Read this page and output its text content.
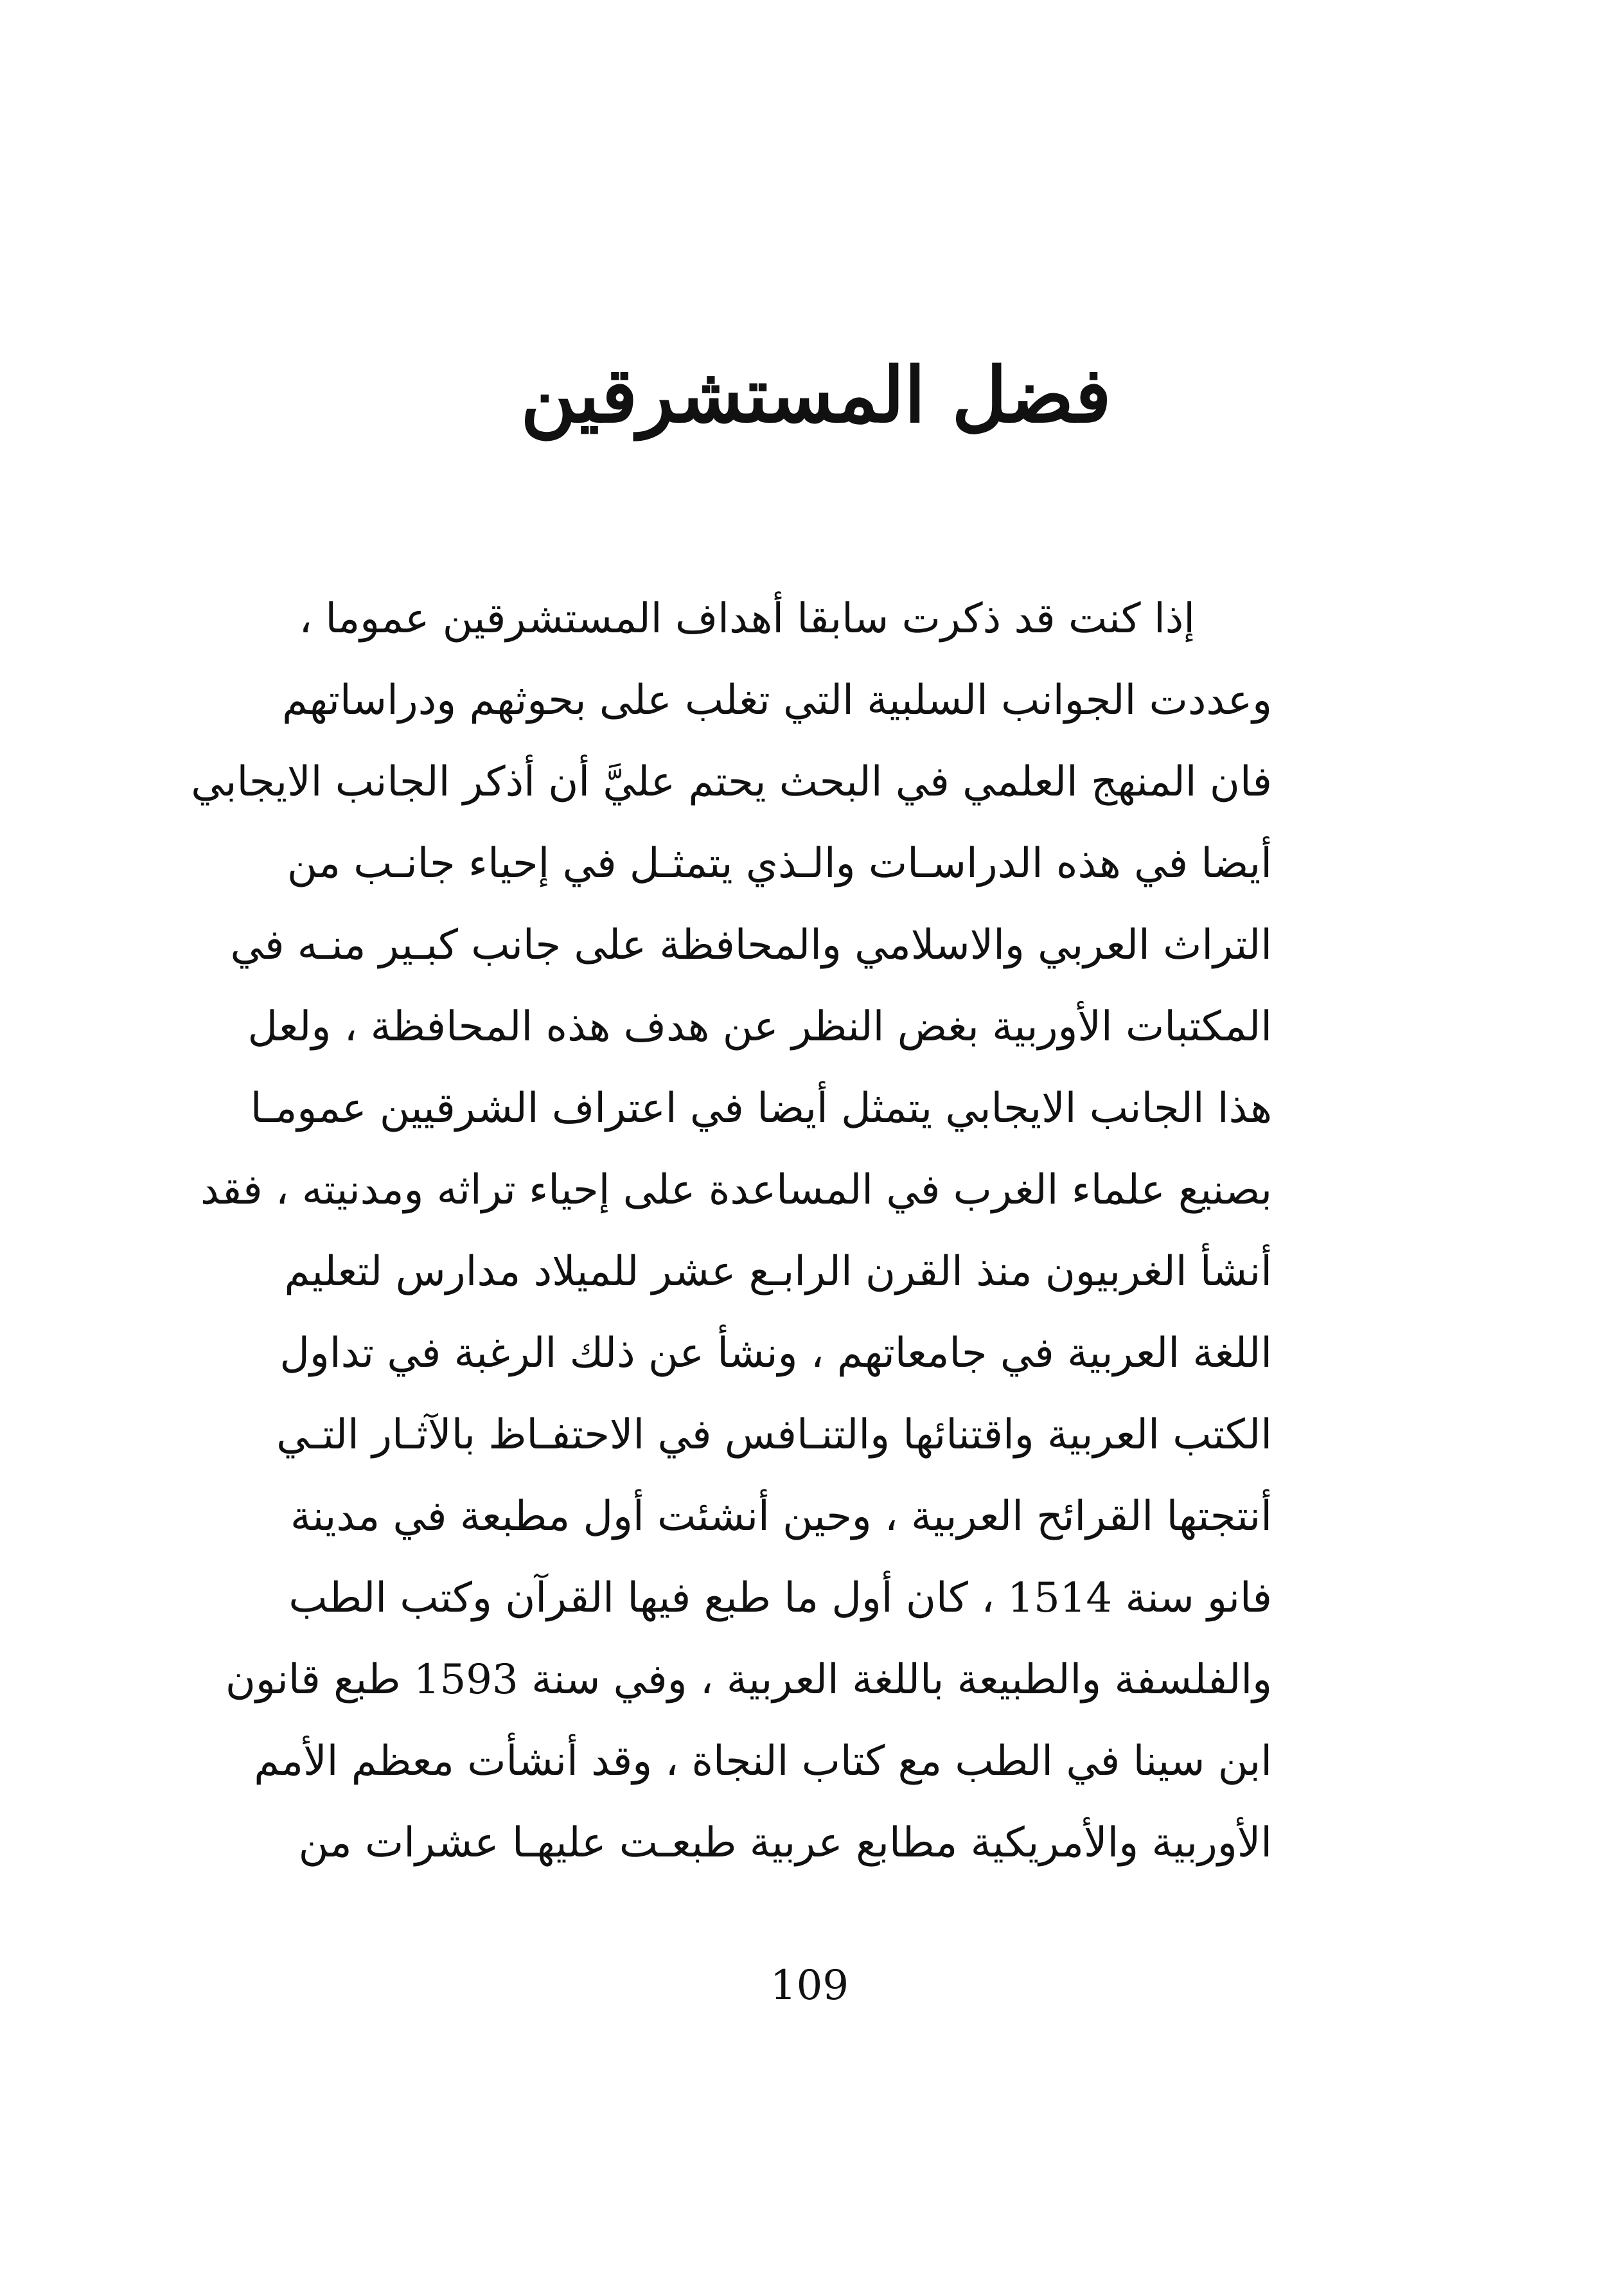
فضل المستشرقين
إذا كنت قد ذكرت سابقا أهداف المستشرقين عموما ،
وعددت الجوانب السلبية التي تغلب على بحوثهم ودراساتهم
فان المنهج العلمي في البحث يحتم عليَّ أن أذكر الجانب الايجابي
أيضا في هذه الدراسـات والـذي يتمثـل في إحياء جانـب من
التراث العربي والاسلامي والمحافظة على جانب كبـير منـه في
المكتبات الأوربية بغض النظر عن هدف هذه المحافظة ، ولعل
هذا الجانب الايجابي يتمثل أيضا في اعتراف الشرقيين عمومـا
بصنيع علماء الغرب في المساعدة على إحياء تراثه ومدنيته ، فقد
أنشأ الغربيون منذ القرن الرابـع عشر للميلاد مدارس لتعليم
اللغة العربية في جامعاتهم ، ونشأ عن ذلك الرغبة في تداول
الكتب العربية واقتنائها والتنـافس في الاحتفـاظ بالآثـار التـي
أنتجتها القرائح العربية ، وحين أنشئت أول مطبعة في مدينة
فانو سنة 1514 ، كان أول ما طبع فيها القرآن وكتب الطب
والفلسفة والطبيعة باللغة العربية ، وفي سنة 1593 طبع قانون
ابن سينا في الطب مع كتاب النجاة ، وقد أنشأت معظم الأمم
الأوربية والأمريكية مطابع عربية طبعـت عليهـا عشرات من
109
